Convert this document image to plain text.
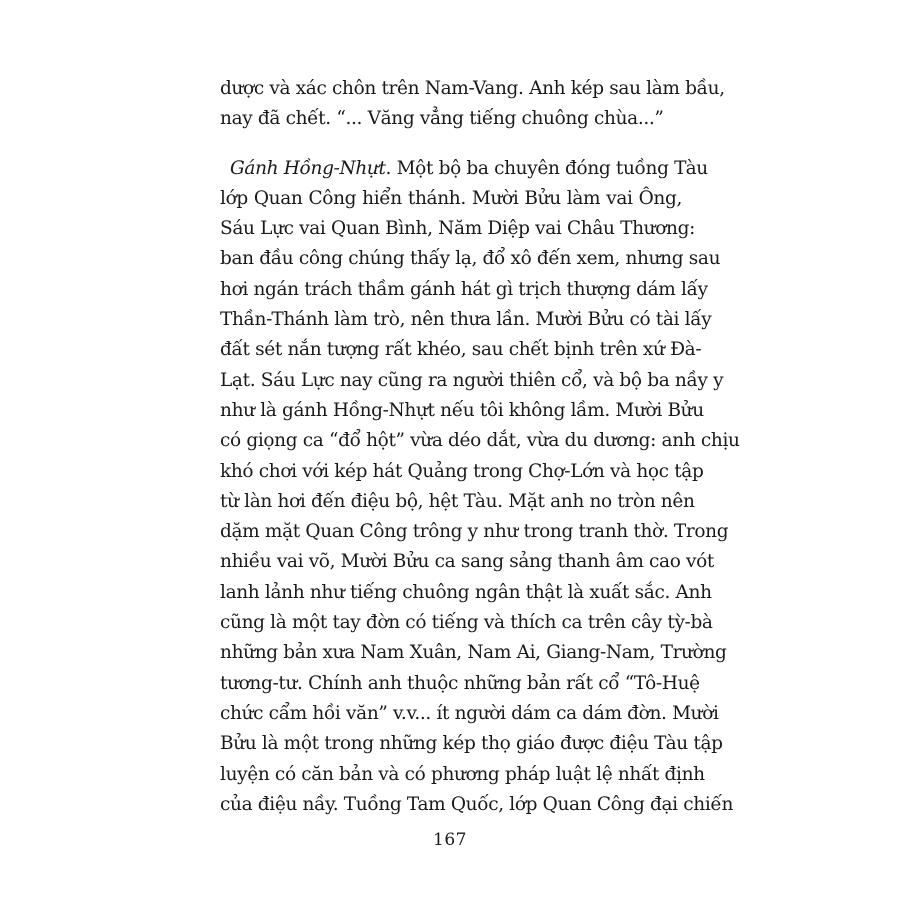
dược và xác chôn trên Nam-Vang. Anh kép sau làm bầu,
nay đã chết. “... Văng vẳng tiếng chuông chùa...”
Gánh Hồng-Nhựt. Một bộ ba chuyên đóng tuồng Tàu
lớp Quan Công hiển thánh. Mười Bửu làm vai Ông,
Sáu Lực vai Quan Bình, Năm Diệp vai Châu Thương:
ban đầu công chúng thấy lạ, đổ xô đến xem, nhưng sau
hơi ngán trách thầm gánh hát gì trịch thượng dám lấy
Thần-Thánh làm trò, nên thưa lần. Mười Bửu có tài lấy
đất sét nắn tượng rất khéo, sau chết bịnh trên xứ Đà-
Lạt. Sáu Lực nay cũng ra người thiên cổ, và bộ ba nầy y
như là gánh Hồng-Nhựt nếu tôi không lầm. Mười Bửu
có giọng ca “đổ hột” vừa déo dắt, vừa du dương: anh chịu
khó chơi với kép hát Quảng trong Chợ-Lớn và học tập
từ làn hơi đến điệu bộ, hệt Tàu. Mặt anh no tròn nên
dặm mặt Quan Công trông y như trong tranh thờ. Trong
nhiều vai võ, Mười Bửu ca sang sảng thanh âm cao vót
lanh lảnh như tiếng chuông ngân thật là xuất sắc. Anh
cũng là một tay đờn có tiếng và thích ca trên cây tỳ-bà
những bản xưa Nam Xuân, Nam Ai, Giang-Nam, Trường
tương-tư. Chính anh thuộc những bản rất cổ “Tô-Huệ
chức cẩm hồi văn” v.v... ít người dám ca dám đờn. Mười
Bửu là một trong những kép thọ giáo được điệu Tàu tập
luyện có căn bản và có phương pháp luật lệ nhất định
của điệu nầy. Tuồng Tam Quốc, lớp Quan Công đại chiến
167
